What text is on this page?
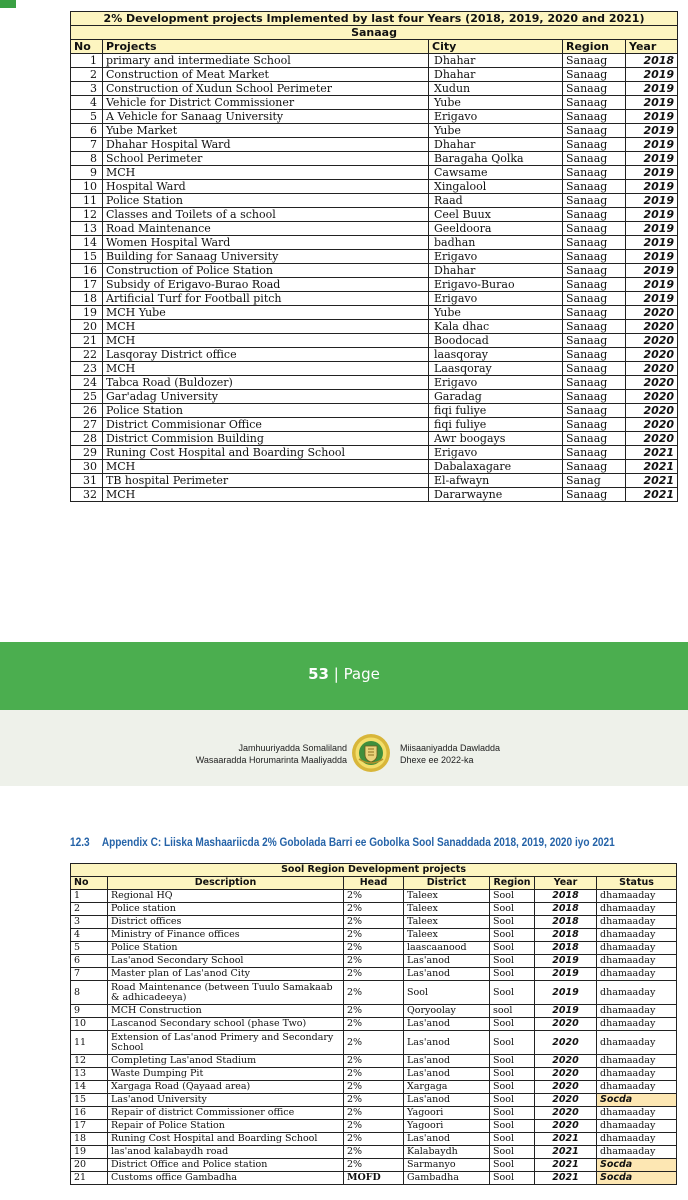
2% Development projects Implemented by last four Years (2018, 2019, 2020 and 2021)				
Sanaag				
No	Projects	City	Region	Year
1	primary and intermediate School	Dhahar	Sanaag	2018
2	Construction of Meat Market	Dhahar	Sanaag	2019
3	Construction of Xudun School Perimeter	Xudun	Sanaag	2019
4	Vehicle for District Commissioner	Yube	Sanaag	2019
5	A Vehicle for Sanaag University	Erigavo	Sanaag	2019
6	Yube Market	Yube	Sanaag	2019
7	Dhahar Hospital Ward	Dhahar	Sanaag	2019
8	School Perimeter	Baragaha Qolka	Sanaag	2019
9	MCH	Cawsame	Sanaag	2019
10	Hospital Ward	Xingalool	Sanaag	2019
11	Police Station	Raad	Sanaag	2019
12	Classes and Toilets of a school	Ceel Buux	Sanaag	2019
13	Road Maintenance	Geeldoora	Sanaag	2019
14	Women Hospital Ward	badhan	Sanaag	2019
15	Building for Sanaag University	Erigavo	Sanaag	2019
16	Construction of Police Station	Dhahar	Sanaag	2019
17	Subsidy of Erigavo-Burao Road	Erigavo-Burao	Sanaag	2019
18	Artificial Turf for Football pitch	Erigavo	Sanaag	2019
19	MCH Yube	Yube	Sanaag	2020
20	MCH	Kala dhac	Sanaag	2020
21	MCH	Boodocad	Sanaag	2020
22	Lasqoray District office	laasqoray	Sanaag	2020
23	MCH	Laasqoray	Sanaag	2020
24	Tabca Road (Buldozer)	Erigavo	Sanaag	2020
25	Gar'adag University	Garadag	Sanaag	2020
26	Police Station	fiqi fuliye	Sanaag	2020
27	District Commisionar Office	fiqi fuliye	Sanaag	2020
28	District Commision Building	Awr boogays	Sanaag	2020
29	Runing Cost Hospital and Boarding School	Erigavo	Sanaag	2021
30	MCH	Dabalaxagare	Sanaag	2021
31	TB hospital Perimeter	El-afwayn	Sanag	2021
32	MCH	Dararwayne	Sanaag	2021
53 | Page
Jamhuuriyadda Somaliland
Wasaaradda Horumarinta Maaliyadda
Miisaaniyadda Dawladda
Dhexe ee 2022-ka
12.3 Appendix C: Liiska Mashaariicda 2% Gobolada Barri ee Gobolka Sool Sanaddada 2018, 2019, 2020 iyo 2021
Sool Region Development projects						
No	Description	Head	District	Region	Year	Status
1	Regional HQ	2%	Taleex	Sool	2018	dhamaaday
2	Police station	2%	Taleex	Sool	2018	dhamaaday
3	District offices	2%	Taleex	Sool	2018	dhamaaday
4	Ministry of Finance offices	2%	Taleex	Sool	2018	dhamaaday
5	Police Station	2%	laascaanood	Sool	2018	dhamaaday
6	Las'anod Secondary School	2%	Las'anod	Sool	2019	dhamaaday
7	Master plan of Las'anod City	2%	Las'anod	Sool	2019	dhamaaday
8	Road Maintenance (between Tuulo Samakaab & adhicadeeya)	2%	Sool	Sool	2019	dhamaaday
9	MCH Construction	2%	Qoryoolay	sool	2019	dhamaaday
10	Lascanod Secondary school (phase Two)	2%	Las'anod	Sool	2020	dhamaaday
11	Extension of Las'anod Primery and Secondary School	2%	Las'anod	Sool	2020	dhamaaday
12	Completing Las'anod Stadium	2%	Las'anod	Sool	2020	dhamaaday
13	Waste Dumping Pit	2%	Las'anod	Sool	2020	dhamaaday
14	Xargaga Road (Qayaad area)	2%	Xargaga	Sool	2020	dhamaaday
15	Las'anod University	2%	Las'anod	Sool	2020	Socda
16	Repair of district Commissioner office	2%	Yagoori	Sool	2020	dhamaaday
17	Repair of Police Station	2%	Yagoori	Sool	2020	dhamaaday
18	Runing Cost Hospital and Boarding School	2%	Las'anod	Sool	2021	dhamaaday
19	las'anod kalabaydh road	2%	Kalabaydh	Sool	2021	dhamaaday
20	District Office and Police station	2%	Sarmanyo	Sool	2021	Socda
21	Customs office Gambadha	MOFD	Gambadha	Sool	2021	Socda
